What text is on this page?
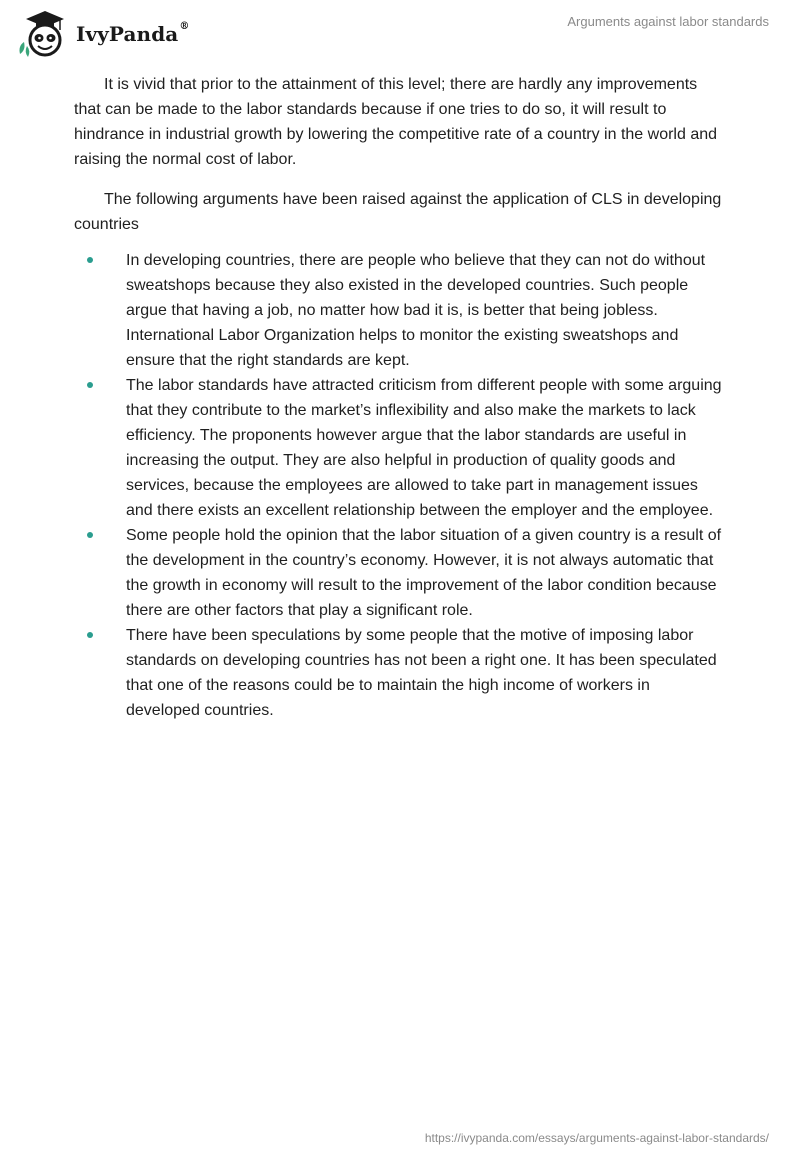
IvyPanda®	Arguments against labor standards

It is vivid that prior to the attainment of this level; there are hardly any improvements that can be made to the labor standards because if one tries to do so, it will result to hindrance in industrial growth by lowering the competitive rate of a country in the world and raising the normal cost of labor.

The following arguments have been raised against the application of CLS in developing countries

In developing countries, there are people who believe that they can not do without sweatshops because they also existed in the developed countries. Such people argue that having a job, no matter how bad it is, is better that being jobless. International Labor Organization helps to monitor the existing sweatshops and ensure that the right standards are kept.
The labor standards have attracted criticism from different people with some arguing that they contribute to the market’s inflexibility and also make the markets to lack efficiency. The proponents however argue that the labor standards are useful in increasing the output. They are also helpful in production of quality goods and services, because the employees are allowed to take part in management issues and there exists an excellent relationship between the employer and the employee.
Some people hold the opinion that the labor situation of a given country is a result of the development in the country’s economy. However, it is not always automatic that the growth in economy will result to the improvement of the labor condition because there are other factors that play a significant role.
There have been speculations by some people that the motive of imposing labor standards on developing countries has not been a right one. It has been speculated that one of the reasons could be to maintain the high income of workers in developed countries.
https://ivypanda.com/essays/arguments-against-labor-standards/
